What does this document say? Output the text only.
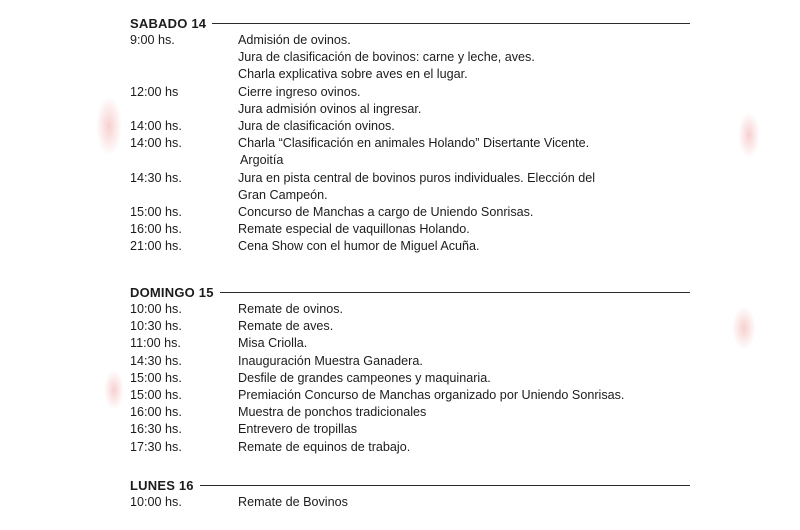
SABADO 14
9:00 hs.	Admisión de ovinos.
Jura de clasificación de bovinos: carne y leche, aves.
Charla explicativa sobre aves en el lugar.
12:00 hs	Cierre ingreso ovinos.
Jura admisión ovinos al ingresar.
14:00 hs.	Jura de clasificación ovinos.
14:00 hs.	Charla “Clasificación en animales Holando” Disertante Vicente.
Argoitía
14:30 hs.	Jura en pista central de bovinos puros individuales. Elección del
Gran Campeón.
15:00 hs.	Concurso de Manchas a cargo de Uniendo Sonrisas.
16:00 hs.	Remate especial de vaquillonas Holando.
21:00 hs.	Cena Show con el humor de Miguel Acuña.
DOMINGO 15
10:00 hs.	Remate de ovinos.
10:30 hs.	Remate de aves.
11:00 hs.	Misa Criolla.
14:30 hs.	Inauguración Muestra Ganadera.
15:00 hs.	Desfile de grandes campeones y maquinaria.
15:00 hs.	Premiación Concurso de Manchas organizado por Uniendo Sonrisas.
16:00 hs.	Muestra de ponchos tradicionales
16:30 hs.	Entrevero de tropillas
17:30 hs.	Remate de equinos de trabajo.
LUNES 16
10:00 hs.	Remate de Bovinos
